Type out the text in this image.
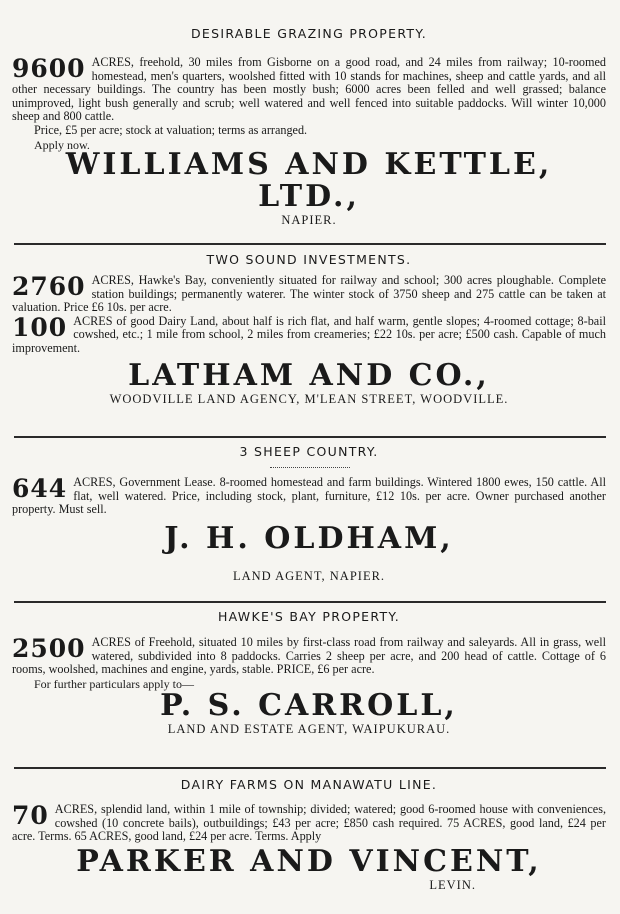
DESIRABLE GRAZING PROPERTY.
9600 ACRES, freehold, 30 miles from Gisborne on a good road, and 24 miles from railway; 10-roomed homestead, men's quarters, woolshed fitted with 10 stands for machines, sheep and cattle yards, and all other necessary buildings. The country has been mostly bush; 6000 acres been felled and well grassed; balance unimproved, light bush generally and scrub; well watered and well fenced into suitable paddocks. Will winter 10,000 sheep and 800 cattle.
Price, £5 per acre; stock at valuation; terms as arranged.
Apply now.
WILLIAMS AND KETTLE, LTD.,
NAPIER.
TWO SOUND INVESTMENTS.
2760 ACRES, Hawke's Bay, conveniently situated for railway and school; 300 acres ploughable. Complete station buildings; permanently waterer. The winter stock of 3750 sheep and 275 cattle can be taken at valuation. Price £6 10s. per acre.
100 ACRES of good Dairy Land, about half is rich flat, and half warm, gentle slopes; 4-roomed cottage; 8-bail cowshed, etc.; 1 mile from school, 2 miles from creameries; £22 10s. per acre; £500 cash. Capable of much improvement.
LATHAM AND CO.,
WOODVILLE LAND AGENCY, M'LEAN STREET, WOODVILLE.
3 SHEEP COUNTRY.
644 ACRES, Government Lease. 8-roomed homestead and farm buildings. Wintered 1800 ewes, 150 cattle. All flat, well watered. Price, including stock, plant, furniture, £12 10s. per acre. Owner purchased another property. Must sell.
J. H. OLDHAM,
LAND AGENT, NAPIER.
HAWKE'S BAY PROPERTY.
2500 ACRES of Freehold, situated 10 miles by first-class road from railway and saleyards. All in grass, well watered, subdivided into 8 paddocks. Carries 2 sheep per acre, and 200 head of cattle. Cottage of 6 rooms, woolshed, machines and engine, yards, stable. PRICE, £6 per acre.
For further particulars apply to—
P. S. CARROLL,
LAND AND ESTATE AGENT, WAIPUKURAU.
DAIRY FARMS ON MANAWATU LINE.
70 ACRES, splendid land, within 1 mile of township; divided; watered; good 6-roomed house with conveniences, cowshed (10 concrete bails), outbuildings; £43 per acre; £850 cash required. 75 ACRES, good land, £24 per acre. Terms. 65 ACRES, good land, £24 per acre. Terms. Apply
PARKER AND VINCENT,
LEVIN.
